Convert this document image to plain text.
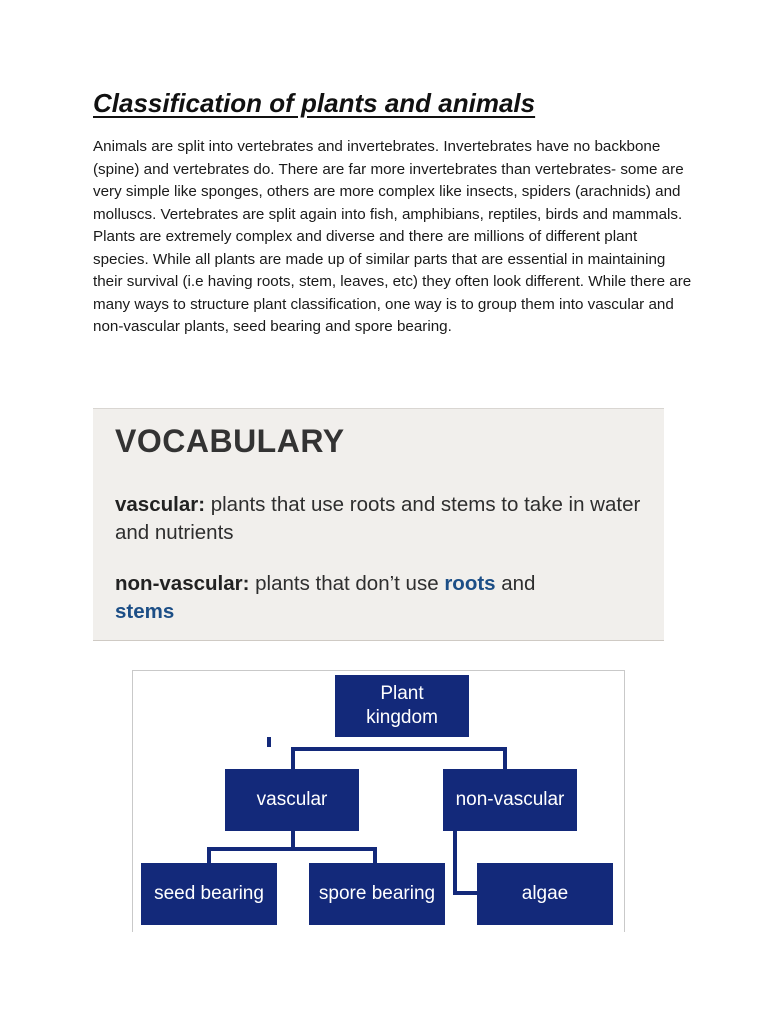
Classification of plants and animals

Animals are split into vertebrates and invertebrates. Invertebrates have no backbone (spine) and vertebrates do. There are far more invertebrates than vertebrates- some are very simple like sponges, others are more complex like insects, spiders (arachnids) and molluscs. Vertebrates are split again into fish, amphibians, reptiles, birds and mammals. Plants are extremely complex and diverse and there are millions of different plant species. While all plants are made up of similar parts that are essential in maintaining their survival (i.e having roots, stem, leaves, etc) they often look different. While there are many ways to structure plant classification, one way is to group them into vascular and non-vascular plants, seed bearing and spore bearing.

VOCABULARY

vascular: plants that use roots and stems to take in water and nutrients

non-vascular: plants that don’t use roots and
stems

Plant kingdom
vascular	non-vascular
seed bearing	spore bearing	algae
